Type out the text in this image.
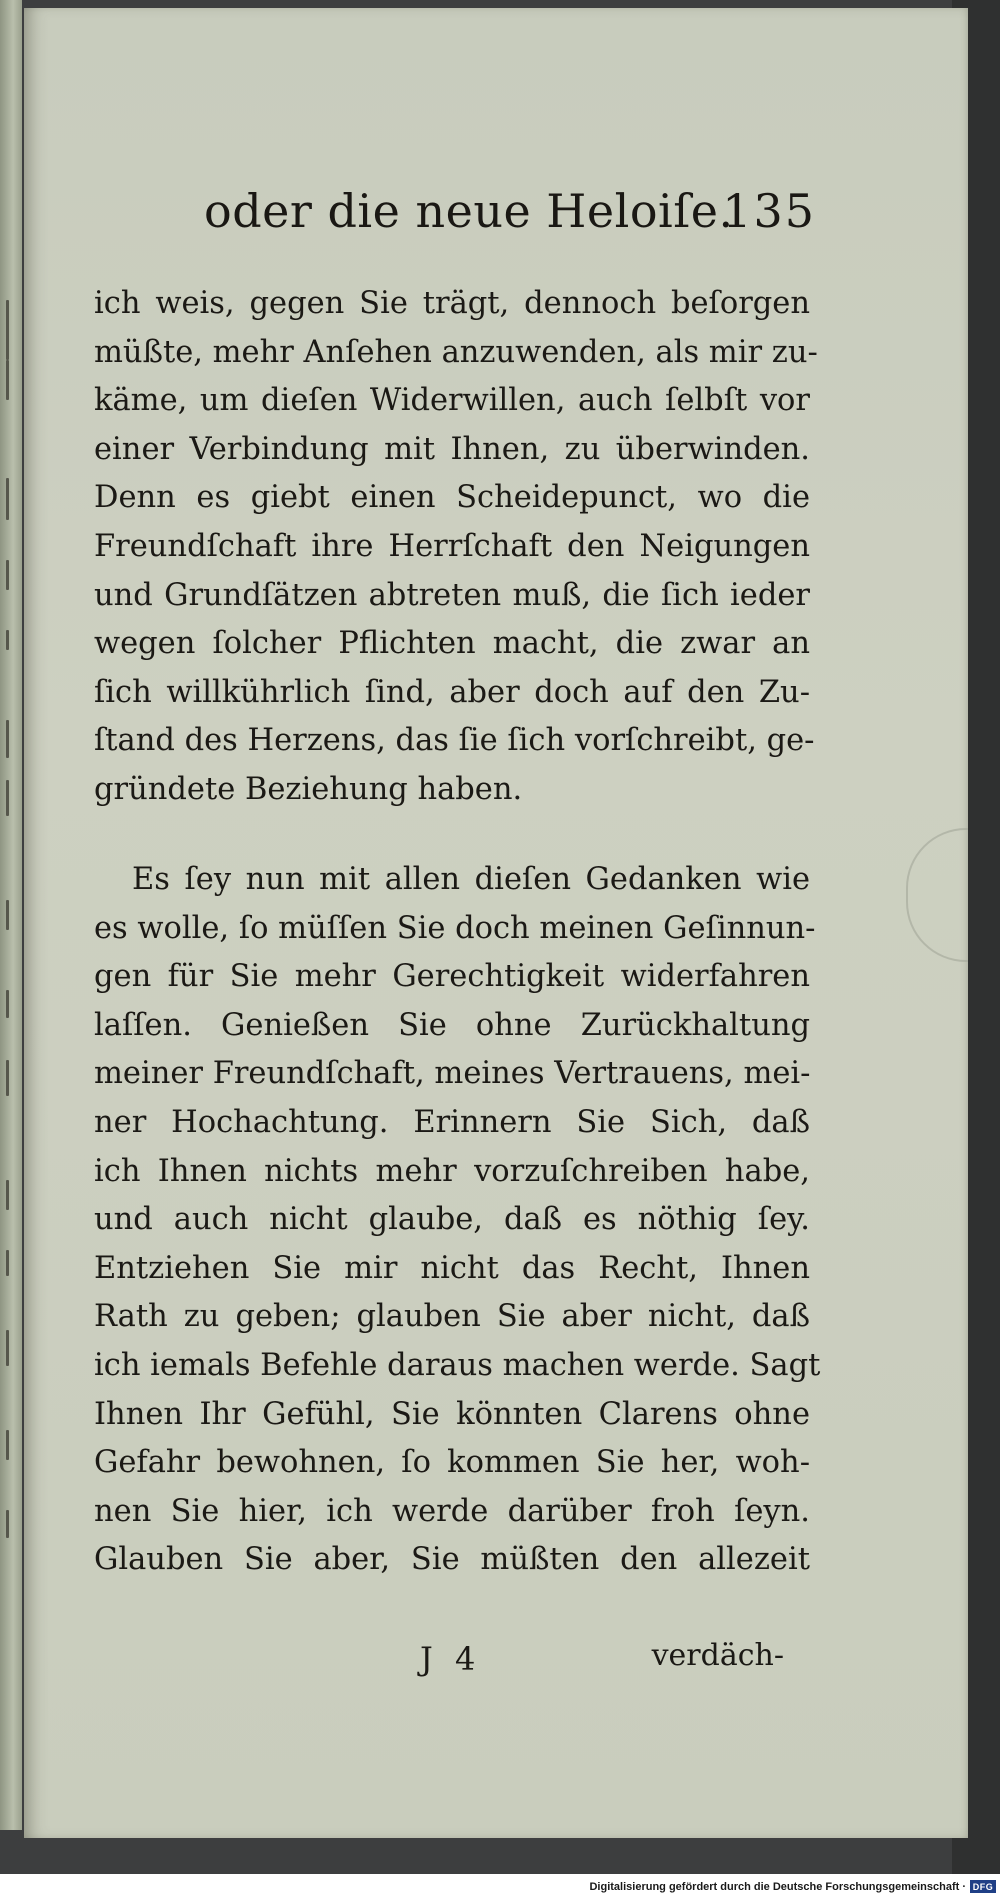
oder die neue Heloiſe.
135
ich weis, gegen Sie trägt, dennoch beſorgen
müßte, mehr Anſehen anzuwenden, als mir zu-
käme, um dieſen Widerwillen, auch ſelbſt vor
einer Verbindung mit Ihnen, zu überwinden.
Denn es giebt einen Scheidepunct, wo die
Freundſchaft ihre Herrſchaft den Neigungen
und Grundſätzen abtreten muß, die ſich ieder
wegen ſolcher Pflichten macht, die zwar an
ſich willkührlich ſind, aber doch auf den Zu-
ſtand des Herzens, das ſie ſich vorſchreibt, ge-
gründete Beziehung haben.
Es ſey nun mit allen dieſen Gedanken wie
es wolle, ſo müſſen Sie doch meinen Geſinnun-
gen für Sie mehr Gerechtigkeit widerfahren
laſſen. Genießen Sie ohne Zurückhaltung
meiner Freundſchaft, meines Vertrauens, mei-
ner Hochachtung. Erinnern Sie Sich, daß
ich Ihnen nichts mehr vorzuſchreiben habe,
und auch nicht glaube, daß es nöthig ſey.
Entziehen Sie mir nicht das Recht, Ihnen
Rath zu geben; glauben Sie aber nicht, daß
ich iemals Befehle daraus machen werde. Sagt
Ihnen Ihr Gefühl, Sie könnten Clarens ohne
Gefahr bewohnen, ſo kommen Sie her, woh-
nen Sie hier, ich werde darüber froh ſeyn.
Glauben Sie aber, Sie müßten den allezeit
J 4	verdäch-
Digitalisierung gefördert durch die Deutsche Forschungsgemeinschaft · DFG
